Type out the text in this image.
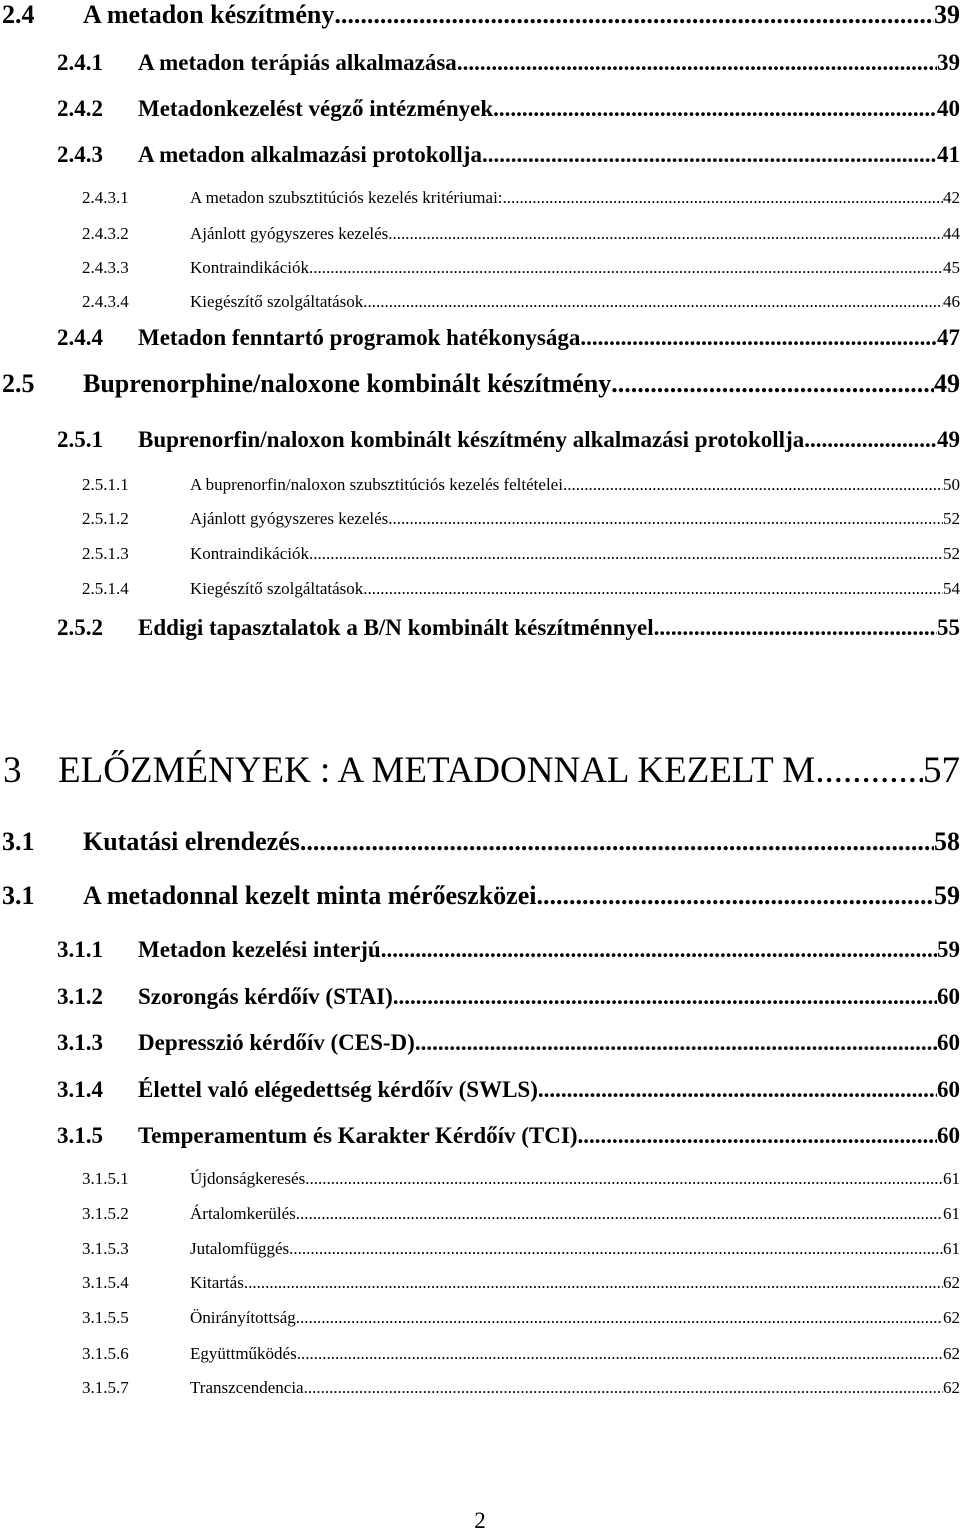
2.4	A metadon készítmény .....	39
2.4.1	A metadon terápiás alkalmazása .....	39
2.4.2	Metadonkezelést végző intézmények .....	40
2.4.3	A metadon alkalmazási protokollja .....	41
2.4.3.1	A metadon szubsztitúciós kezelés kritériumai: .....	42
2.4.3.2	Ajánlott gyógyszeres kezelés .....	44
2.4.3.3	Kontraindikációk .....	45
2.4.3.4	Kiegészítő szolgáltatások .....	46
2.4.4	Metadon fenntartó programok hatékonysága .....	47
2.5	Buprenorphine/naloxone kombinált készítmény .....	49
2.5.1	Buprenorfin/naloxon kombinált készítmény alkalmazási protokollja .....	49
2.5.1.1	A buprenorfin/naloxon szubsztitúciós kezelés feltételei .....	50
2.5.1.2	Ajánlott gyógyszeres kezelés .....	52
2.5.1.3	Kontraindikációk .....	52
2.5.1.4	Kiegészítő szolgáltatások .....	54
2.5.2	Eddigi tapasztalatok a B/N kombinált készítménnyel .....	55
3 ELŐZMÉNYEK : A METADONNAL KEZELT M. .....	57
3.1	Kutatási elrendezés .....	58
3.1	A metadonnal kezelt minta mérőeszközei .....	59
3.1.1	Metadon kezelési interjú .....	59
3.1.2	Szorongás kérdőív (STAI) .....	60
3.1.3	Depresszió kérdőív (CES-D) .....	60
3.1.4	Élettel való elégedettség kérdőív (SWLS) .....	60
3.1.5	Temperamentum és Karakter Kérdőív (TCI) .....	60
3.1.5.1	Újdonságkeresés .....	61
3.1.5.2	Ártalomkerülés .....	61
3.1.5.3	Jutalomfüggés .....	61
3.1.5.4	Kitartás .....	62
3.1.5.5	Önirányítottság .....	62
3.1.5.6	Együttműködés .....	62
3.1.5.7	Transzcendencia .....	62
2
